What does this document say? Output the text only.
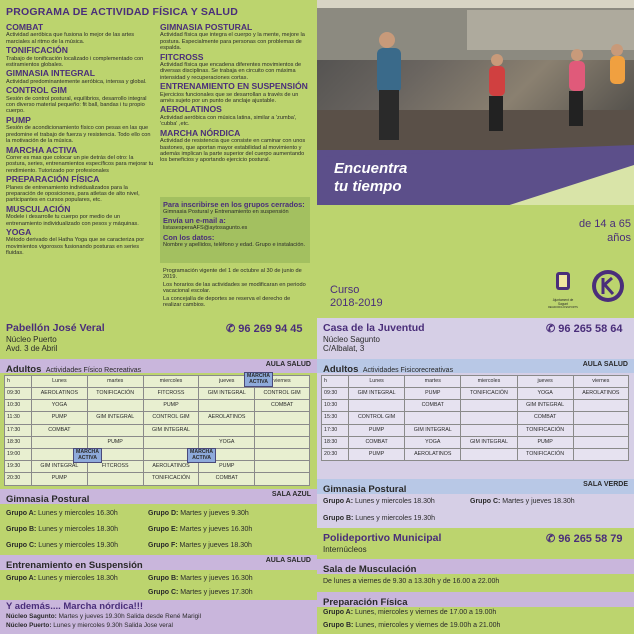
PROGRAMA DE ACTIVIDAD FÍSICA Y SALUD
COMBAT

Actividad aeróbica que fusiona lo mejor de las artes marciales al ritmo de la música.

TONIFICACIÓN

Trabajo de tonificación localizado i complementado con estiramientos globales.

GIMNASIA INTEGRAL

Actividad predominantemente aeróbica, intensa y global.

CONTROL GIM

Sesión de control postural, equilibrios, desarrollo integral con diverso material pequeño: fit ball, bandas i tu propio cuerpo.

PUMP

Sesión de acondicionamiento físico con pesas en las que predomine el trabajo de fuerza y resistencia. Todo ello con la motivación de la música.

MARCHA ACTIVA

Correr es mas que colocar un pie detrás del otro: la postura, series, entrenamientos específicos para mejorar tu rendimiento. Tutorizado por profesionales

PREPARACIÓN FÍSICA

Planes de entrenamiento individualizados para la preparación de oposiciones, para atletas de alto nivel, participantes en cursos populares, etc.

MUSCULACIÓN

Modele i desarrolle tu cuerpo por medio de un entrenamiento individualizado con pesos y máquinas.

YOGA

Método derivado del Hatha Yoga que se caracteriza por movimientos vigorosos fusionando posturas en series fluidas.

GIMNASIA POSTURAL

Actividad física que integra el cuerpo y la mente, mejore la postura. Especialmente para personas con problemas de espalda.

FITCROSS

Actividad física que encadena diferentes movimientos de diversas disciplinas. Se trabaja en circuito con máxima intensidad y recuperaciones cortas.

ENTRENAMIENTO EN SUSPENSIÓN

Ejercicios funcionales que se desarrollan a través de un arnés sujeto por un punto de anclaje ajustable.

AEROLATINOS

Actividad aeróbica con música latina, similar a 'zumba', 'cubba' ,etc.

MARCHA NÓRDICA

Actividad de resistencia que consiste en caminar con unos bastones, que aportan mayor estabilidad al movimiento y además implican la parte superior del cuerpo aumentando los beneficios y aportando ejercicio postural.

Para inscribirse en los grupos cerrados:

Gimnasia Postural y Entrenamiento en suspensión

Envía un e-mail a:

listasesperaAFS@aytosagunto.es

Con los datos:

Nombre y apellidos, teléfono y edad. Grupo e instalación.

Programación vigente del 1 de octubre al 30 de junio de 2019.

Los horarios de las actividades se modificaran en periodo vacacional escolar.

La concejalía de deportes se reserva el derecho de realizar cambios.

Encuentra
tu tiempo
de 14 a 65
años
Curso
2018-2019	Ajuntament de Sagunt
REGIDORIA D'ESPORTS
Pabellón José Veral	✆ 96 269 94 45
Núcleo Puerto
Avd. 3 de Abril
Adultos Actividades Físico Recreativas
AULA SALUD
h	Lunes	martes	miercoles	jueves	viernes
09:30	AEROLATINOS	TONIFICACIÓN	FITCROSS	GIM INTEGRAL	CONTROL GIM
10:30	YOGA		PUMP		COMBAT
11:30	PUMP	GIM INTEGRAL	CONTROL GIM	AEROLATINOS	
17:30	COMBAT		GIM INTEGRAL		
18:30		PUMP		YOGA	
19:00					
19:30	GIM INTEGRAL	FITCROSS	AEROLATINOS	PUMP	
20:30	PUMP		TONIFICACIÓN	COMBAT	
MARCHA
ACTIVA
MARCHA
ACTIVA
MARCHA
ACTIVA
Gimnasia Postural	SALA AZUL
Grupo A: Lunes y miercoles 16.30h
Grupo B: Lunes y miercoles 18.30h
Grupo C: Lunes y miercoles 19.30h
Grupo D: Martes y jueves 9.30h
Grupo E: Martes y jueves 16.30h
Grupo F: Martes y jueves 18.30h
Entrenamiento en Suspensión	AULA SALUD
Grupo A: Lunes y miercoles 18.30h	Grupo B: Martes y jueves 16.30h
Grupo C: Martes y jueves 17.30h
Y además.... Marcha nórdica!!!
Núcleo Sagunto: Martes y jueves 19.30h Salida desde René Marigil
Núcleo Puerto: Lunes y miercoles 9.30h Salida Jose veral
Casa de la Juventud	✆ 96 265 58 64
Núcleo Sagunto
C/Albalat, 3
Adultos Actividades Fisicorecreativas
AULA SALUD
h	Lunes	martes	miercoles	jueves	viernes
09:30	GIM INTEGRAL	PUMP	TONIFICACIÓN	YOGA	AEROLATINOS
10:30		COMBAT		GIM INTEGRAL	
15:30	CONTROL GIM			COMBAT	
17:30	PUMP	GIM INTEGRAL		TONIFICACIÓN	
18:30	COMBAT	YOGA	GIM INTEGRAL	PUMP	
20:30	PUMP	AEROLATINOS		TONIFICACIÓN	
Gimnasia Postural	SALA VERDE
Grupo A: Lunes y miercoles 18.30h
Grupo B: Lunes y miercoles 19.30h
Grupo C: Martes y jueves 18.30h
Polideportivo Municipal	✆ 96 265 58 79
Internúcleos
Sala de Musculación
De lunes a viernes de 9.30 a 13.30h y de 16.00 a 22.00h
Preparación Física
Grupo A: Lunes, miercoles y viernes de 17.00 a 19.00h
Grupo B: Lunes, miercoles y viernes de 19.00h a 21.00h
